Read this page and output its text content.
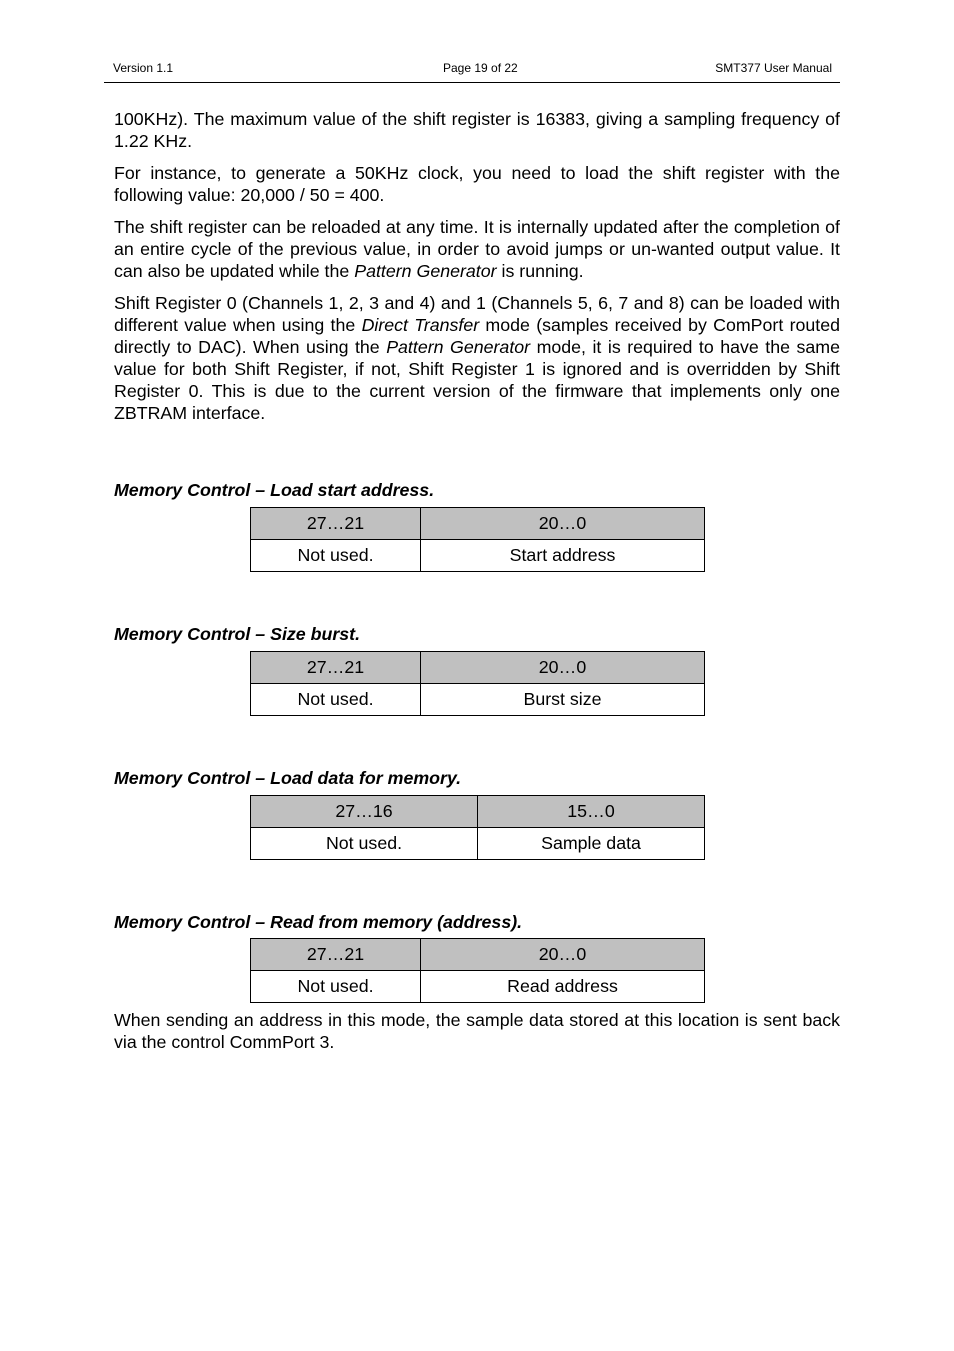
Version 1.1	Page 19 of 22	SMT377 User Manual

100KHz). The maximum value of the shift register is 16383, giving a sampling frequency of 1.22 KHz.

For instance, to generate a 50KHz clock, you need to load the shift register with the following value: 20,000 / 50 = 400.

The shift register can be reloaded at any time. It is internally updated after the completion of an entire cycle of the previous value, in order to avoid jumps or un-wanted output value. It can also be updated while the Pattern Generator is running.

Shift Register 0 (Channels 1, 2, 3 and 4) and 1 (Channels 5, 6, 7 and 8) can be loaded with different value when using the Direct Transfer mode (samples received by ComPort routed directly to DAC). When using the Pattern Generator mode, it is required to have the same value for both Shift Register, if not, Shift Register 1 is ignored and is overridden by Shift Register 0. This is due to the current version of the firmware that implements only one ZBTRAM interface.

Memory Control – Load start address.
27…21	20…0
Not used.	Start address
Memory Control – Size burst.
27…21	20…0
Not used.	Burst size
Memory Control – Load data for memory.
27…16	15…0
Not used.	Sample data
Memory Control – Read from memory (address).
27…21	20…0
Not used.	Read address

When sending an address in this mode, the sample data stored at this location is sent back via the control CommPort 3.
